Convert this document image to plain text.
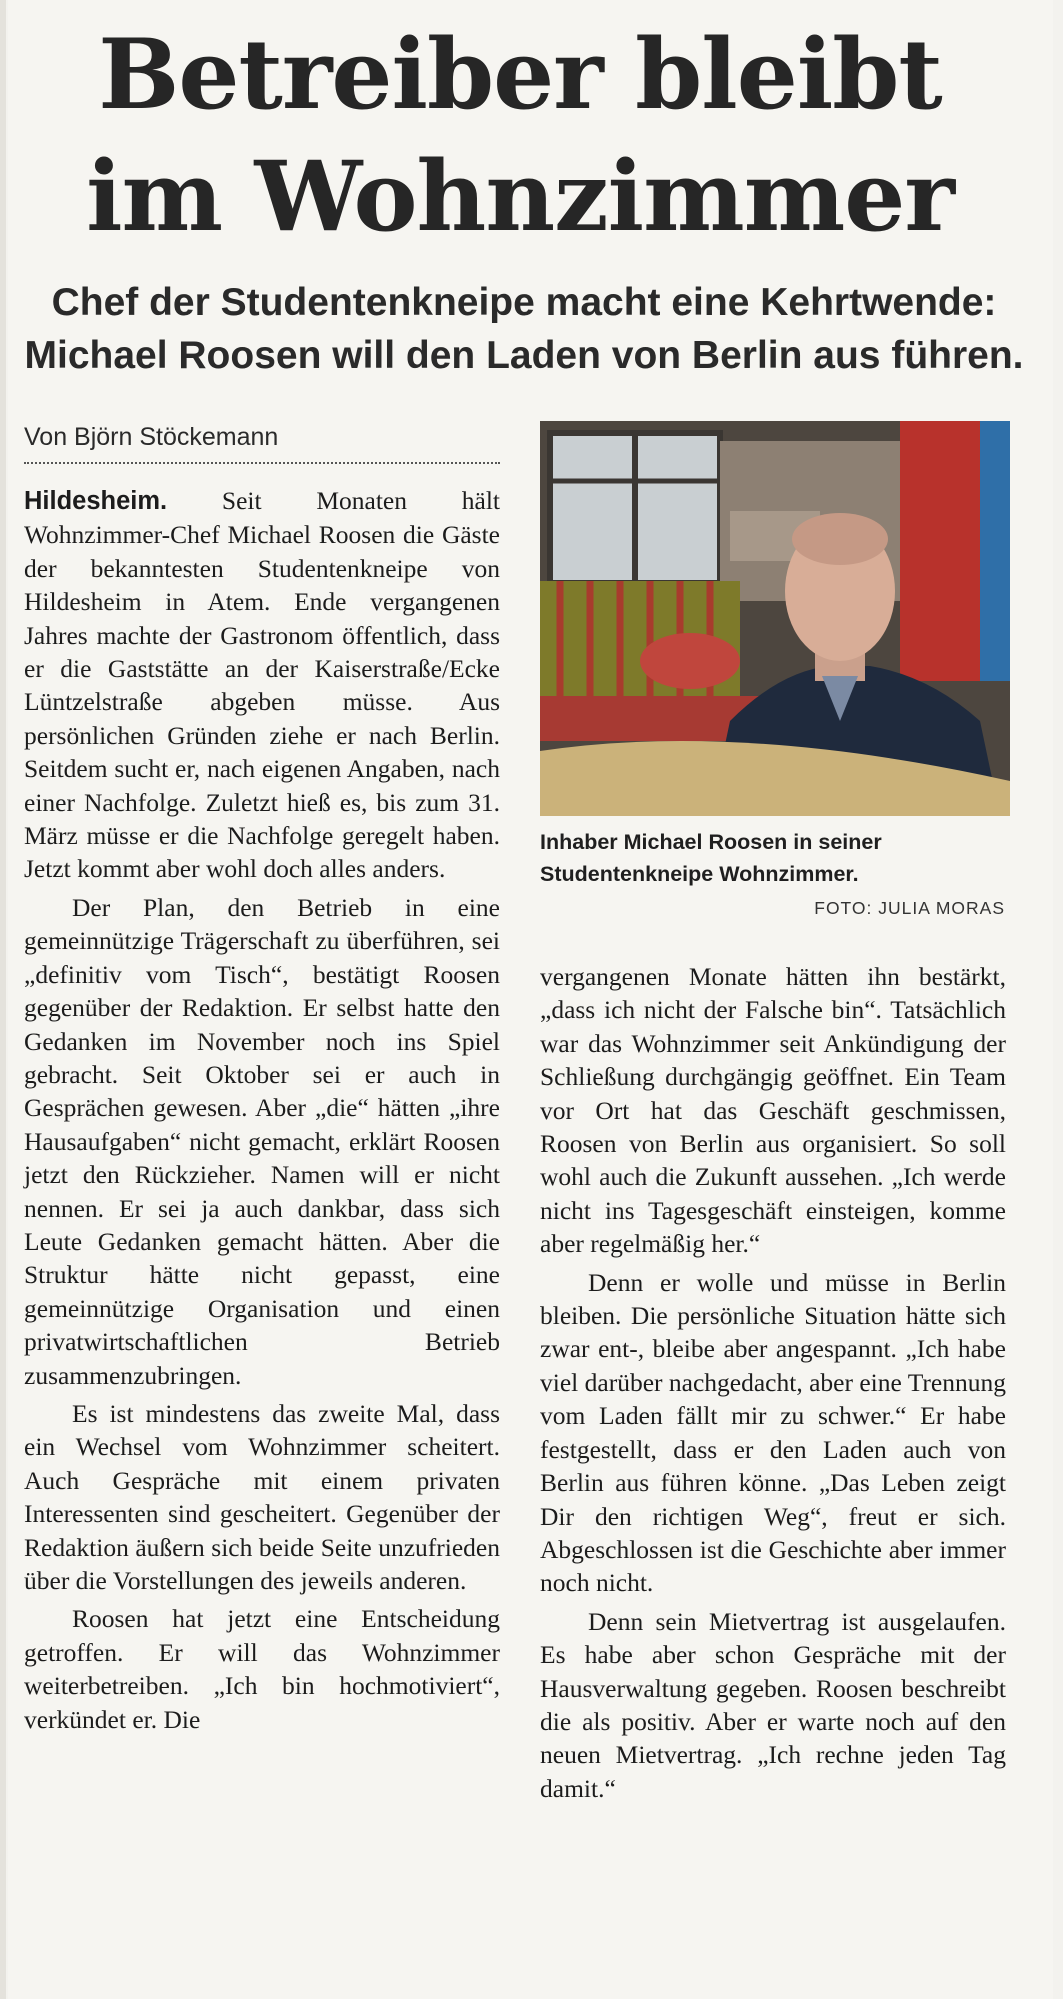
Betreiber bleibt
im Wohnzimmer
Chef der Studentenkneipe macht eine Kehrtwende:
Michael Roosen will den Laden von Berlin aus führen.
Von Björn Stöckemann

Hildesheim. Seit Monaten hält Wohnzimmer-Chef Michael Roosen die Gäste der bekanntesten Studentenkneipe von Hildesheim in Atem. Ende vergangenen Jahres machte der Gastronom öffentlich, dass er die Gaststätte an der Kaiserstraße/Ecke Lüntzelstraße abgeben müsse. Aus persönlichen Gründen ziehe er nach Berlin. Seitdem sucht er, nach eigenen Angaben, nach einer Nachfolge. Zuletzt hieß es, bis zum 31. März müsse er die Nachfolge geregelt haben. Jetzt kommt aber wohl doch alles anders.

Der Plan, den Betrieb in eine gemeinnützige Trägerschaft zu überführen, sei „definitiv vom Tisch“, bestätigt Roosen gegenüber der Redaktion. Er selbst hatte den Gedanken im November noch ins Spiel gebracht. Seit Oktober sei er auch in Gesprächen gewesen. Aber „die“ hätten „ihre Hausaufgaben“ nicht gemacht, erklärt Roosen jetzt den Rückzieher. Namen will er nicht nennen. Er sei ja auch dankbar, dass sich Leute Gedanken gemacht hätten. Aber die Struktur hätte nicht gepasst, eine gemeinnützige Organisation und einen privatwirtschaftlichen Betrieb zusammenzubringen.

Es ist mindestens das zweite Mal, dass ein Wechsel vom Wohnzimmer scheitert. Auch Gespräche mit einem privaten Interessenten sind gescheitert. Gegenüber der Redaktion äußern sich beide Seite unzufrieden über die Vorstellungen des jeweils anderen.

Roosen hat jetzt eine Entscheidung getroffen. Er will das Wohnzimmer weiterbetreiben. „Ich bin hochmotiviert“, verkündet er. Die

Inhaber Michael Roosen in seiner
Studentenkneipe Wohnzimmer.
FOTO: JULIA MORAS

vergangenen Monate hätten ihn bestärkt, „dass ich nicht der Falsche bin“. Tatsächlich war das Wohnzimmer seit Ankündigung der Schließung durchgängig geöffnet. Ein Team vor Ort hat das Geschäft geschmissen, Roosen von Berlin aus organisiert. So soll wohl auch die Zukunft aussehen. „Ich werde nicht ins Tagesgeschäft einsteigen, komme aber regelmäßig her.“

Denn er wolle und müsse in Berlin bleiben. Die persönliche Situation hätte sich zwar ent-, bleibe aber angespannt. „Ich habe viel darüber nachgedacht, aber eine Trennung vom Laden fällt mir zu schwer.“ Er habe festgestellt, dass er den Laden auch von Berlin aus führen könne. „Das Leben zeigt Dir den richtigen Weg“, freut er sich. Abgeschlossen ist die Geschichte aber immer noch nicht.

Denn sein Mietvertrag ist ausgelaufen. Es habe aber schon Gespräche mit der Hausverwaltung gegeben. Roosen beschreibt die als positiv. Aber er warte noch auf den neuen Mietvertrag. „Ich rechne jeden Tag damit.“
